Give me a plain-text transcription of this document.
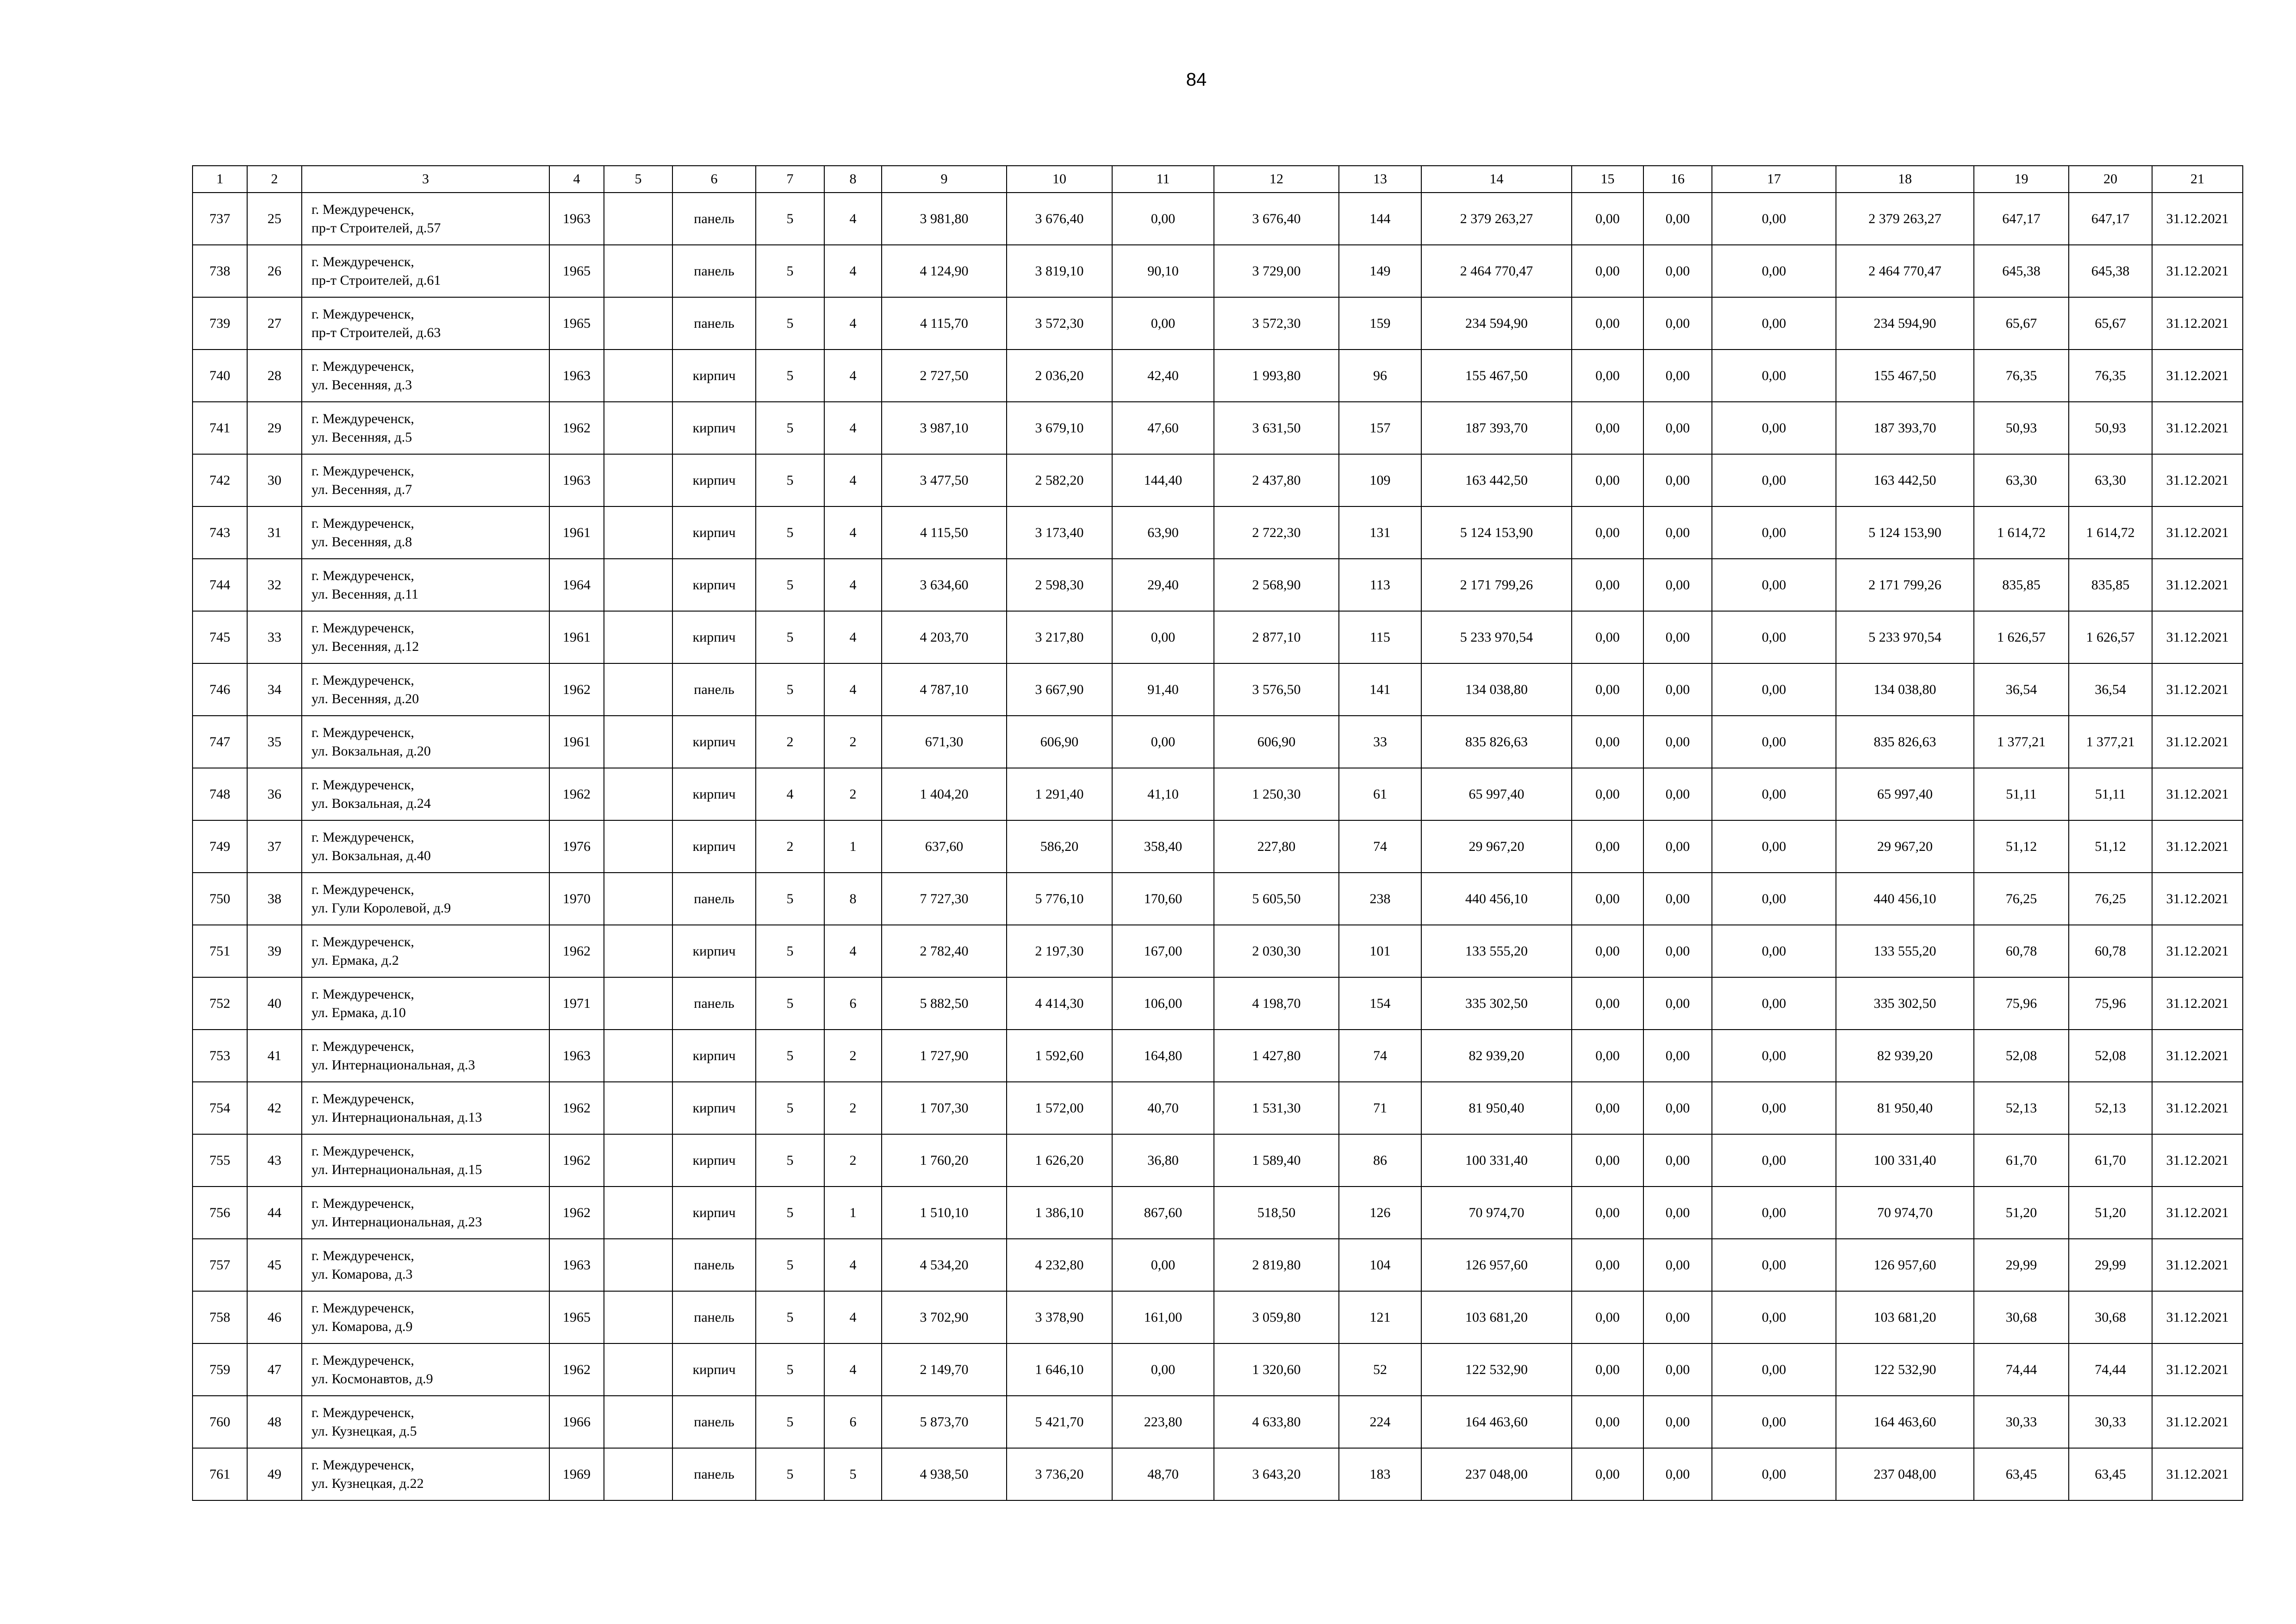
84
1	2	3	4	5	6	7	8	9	10	11	12	13	14	15	16	17	18	19	20	21
737	25	г. Междуреченск,
пр-т Строителей, д.57	1963		панель	5	4	3 981,80	3 676,40	0,00	3 676,40	144	2 379 263,27	0,00	0,00	0,00	2 379 263,27	647,17	647,17	31.12.2021
738	26	г. Междуреченск,
пр-т Строителей, д.61	1965		панель	5	4	4 124,90	3 819,10	90,10	3 729,00	149	2 464 770,47	0,00	0,00	0,00	2 464 770,47	645,38	645,38	31.12.2021
739	27	г. Междуреченск,
пр-т Строителей, д.63	1965		панель	5	4	4 115,70	3 572,30	0,00	3 572,30	159	234 594,90	0,00	0,00	0,00	234 594,90	65,67	65,67	31.12.2021
740	28	г. Междуреченск,
ул. Весенняя, д.3	1963		кирпич	5	4	2 727,50	2 036,20	42,40	1 993,80	96	155 467,50	0,00	0,00	0,00	155 467,50	76,35	76,35	31.12.2021
741	29	г. Междуреченск,
ул. Весенняя, д.5	1962		кирпич	5	4	3 987,10	3 679,10	47,60	3 631,50	157	187 393,70	0,00	0,00	0,00	187 393,70	50,93	50,93	31.12.2021
742	30	г. Междуреченск,
ул. Весенняя, д.7	1963		кирпич	5	4	3 477,50	2 582,20	144,40	2 437,80	109	163 442,50	0,00	0,00	0,00	163 442,50	63,30	63,30	31.12.2021
743	31	г. Междуреченск,
ул. Весенняя, д.8	1961		кирпич	5	4	4 115,50	3 173,40	63,90	2 722,30	131	5 124 153,90	0,00	0,00	0,00	5 124 153,90	1 614,72	1 614,72	31.12.2021
744	32	г. Междуреченск,
ул. Весенняя, д.11	1964		кирпич	5	4	3 634,60	2 598,30	29,40	2 568,90	113	2 171 799,26	0,00	0,00	0,00	2 171 799,26	835,85	835,85	31.12.2021
745	33	г. Междуреченск,
ул. Весенняя, д.12	1961		кирпич	5	4	4 203,70	3 217,80	0,00	2 877,10	115	5 233 970,54	0,00	0,00	0,00	5 233 970,54	1 626,57	1 626,57	31.12.2021
746	34	г. Междуреченск,
ул. Весенняя, д.20	1962		панель	5	4	4 787,10	3 667,90	91,40	3 576,50	141	134 038,80	0,00	0,00	0,00	134 038,80	36,54	36,54	31.12.2021
747	35	г. Междуреченск,
ул. Вокзальная, д.20	1961		кирпич	2	2	671,30	606,90	0,00	606,90	33	835 826,63	0,00	0,00	0,00	835 826,63	1 377,21	1 377,21	31.12.2021
748	36	г. Междуреченск,
ул. Вокзальная, д.24	1962		кирпич	4	2	1 404,20	1 291,40	41,10	1 250,30	61	65 997,40	0,00	0,00	0,00	65 997,40	51,11	51,11	31.12.2021
749	37	г. Междуреченск,
ул. Вокзальная, д.40	1976		кирпич	2	1	637,60	586,20	358,40	227,80	74	29 967,20	0,00	0,00	0,00	29 967,20	51,12	51,12	31.12.2021
750	38	г. Междуреченск,
ул. Гули Королевой, д.9	1970		панель	5	8	7 727,30	5 776,10	170,60	5 605,50	238	440 456,10	0,00	0,00	0,00	440 456,10	76,25	76,25	31.12.2021
751	39	г. Междуреченск,
ул. Ермака, д.2	1962		кирпич	5	4	2 782,40	2 197,30	167,00	2 030,30	101	133 555,20	0,00	0,00	0,00	133 555,20	60,78	60,78	31.12.2021
752	40	г. Междуреченск,
ул. Ермака, д.10	1971		панель	5	6	5 882,50	4 414,30	106,00	4 198,70	154	335 302,50	0,00	0,00	0,00	335 302,50	75,96	75,96	31.12.2021
753	41	г. Междуреченск,
ул. Интернациональная, д.3	1963		кирпич	5	2	1 727,90	1 592,60	164,80	1 427,80	74	82 939,20	0,00	0,00	0,00	82 939,20	52,08	52,08	31.12.2021
754	42	г. Междуреченск,
ул. Интернациональная, д.13	1962		кирпич	5	2	1 707,30	1 572,00	40,70	1 531,30	71	81 950,40	0,00	0,00	0,00	81 950,40	52,13	52,13	31.12.2021
755	43	г. Междуреченск,
ул. Интернациональная, д.15	1962		кирпич	5	2	1 760,20	1 626,20	36,80	1 589,40	86	100 331,40	0,00	0,00	0,00	100 331,40	61,70	61,70	31.12.2021
756	44	г. Междуреченск,
ул. Интернациональная, д.23	1962		кирпич	5	1	1 510,10	1 386,10	867,60	518,50	126	70 974,70	0,00	0,00	0,00	70 974,70	51,20	51,20	31.12.2021
757	45	г. Междуреченск,
ул. Комарова, д.3	1963		панель	5	4	4 534,20	4 232,80	0,00	2 819,80	104	126 957,60	0,00	0,00	0,00	126 957,60	29,99	29,99	31.12.2021
758	46	г. Междуреченск,
ул. Комарова, д.9	1965		панель	5	4	3 702,90	3 378,90	161,00	3 059,80	121	103 681,20	0,00	0,00	0,00	103 681,20	30,68	30,68	31.12.2021
759	47	г. Междуреченск,
ул. Космонавтов, д.9	1962		кирпич	5	4	2 149,70	1 646,10	0,00	1 320,60	52	122 532,90	0,00	0,00	0,00	122 532,90	74,44	74,44	31.12.2021
760	48	г. Междуреченск,
ул. Кузнецкая, д.5	1966		панель	5	6	5 873,70	5 421,70	223,80	4 633,80	224	164 463,60	0,00	0,00	0,00	164 463,60	30,33	30,33	31.12.2021
761	49	г. Междуреченск,
ул. Кузнецкая, д.22	1969		панель	5	5	4 938,50	3 736,20	48,70	3 643,20	183	237 048,00	0,00	0,00	0,00	237 048,00	63,45	63,45	31.12.2021
